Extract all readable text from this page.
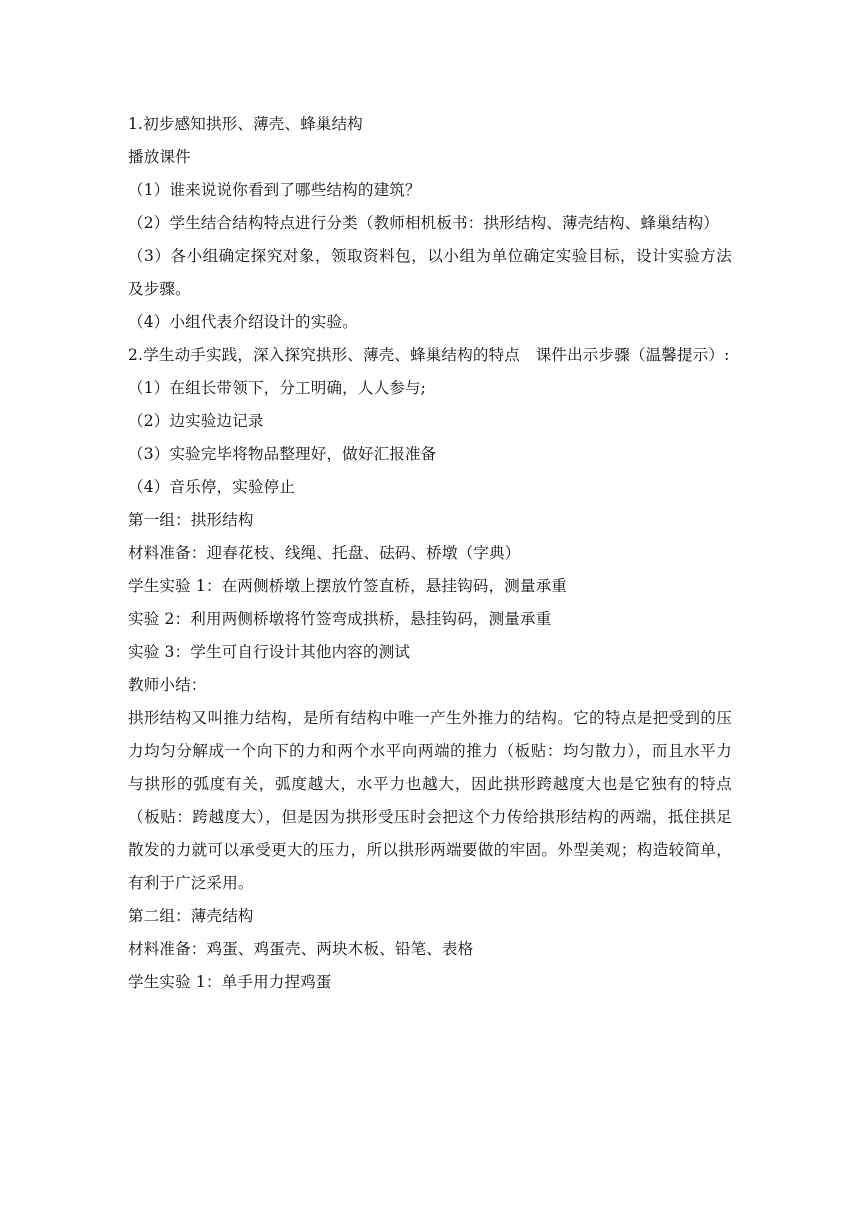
1.初步感知拱形、薄壳、蜂巢结构

播放课件

（1）谁来说说你看到了哪些结构的建筑？

（2）学生结合结构特点进行分类（教师相机板书：拱形结构、薄壳结构、蜂巢结构）

（3）各小组确定探究对象，领取资料包，以小组为单位确定实验目标，设计实验方法及步骤。

（4）小组代表介绍设计的实验。

2.学生动手实践，深入探究拱形、薄壳、蜂巢结构的特点　课件出示步骤（温馨提示）:

（1）在组长带领下，分工明确，人人参与;

（2）边实验边记录

（3）实验完毕将物品整理好，做好汇报准备

（4）音乐停，实验停止

第一组：拱形结构

材料准备：迎春花枝、线绳、托盘、砝码、桥墩（字典）

学生实验 1：在两侧桥墩上摆放竹签直桥，悬挂钩码，测量承重

实验 2：利用两侧桥墩将竹签弯成拱桥，悬挂钩码，测量承重

实验 3：学生可自行设计其他内容的测试

教师小结：

拱形结构又叫推力结构，是所有结构中唯一产生外推力的结构。它的特点是把受到的压力均匀分解成一个向下的力和两个水平向两端的推力（板贴：均匀散力），而且水平力与拱形的弧度有关，弧度越大，水平力也越大，因此拱形跨越度大也是它独有的特点（板贴：跨越度大），但是因为拱形受压时会把这个力传给拱形结构的两端，抵住拱足散发的力就可以承受更大的压力，所以拱形两端要做的牢固。外型美观；构造较简单，有利于广泛采用。

第二组：薄壳结构

材料准备：鸡蛋、鸡蛋壳、两块木板、铅笔、表格

学生实验 1：单手用力捏鸡蛋
